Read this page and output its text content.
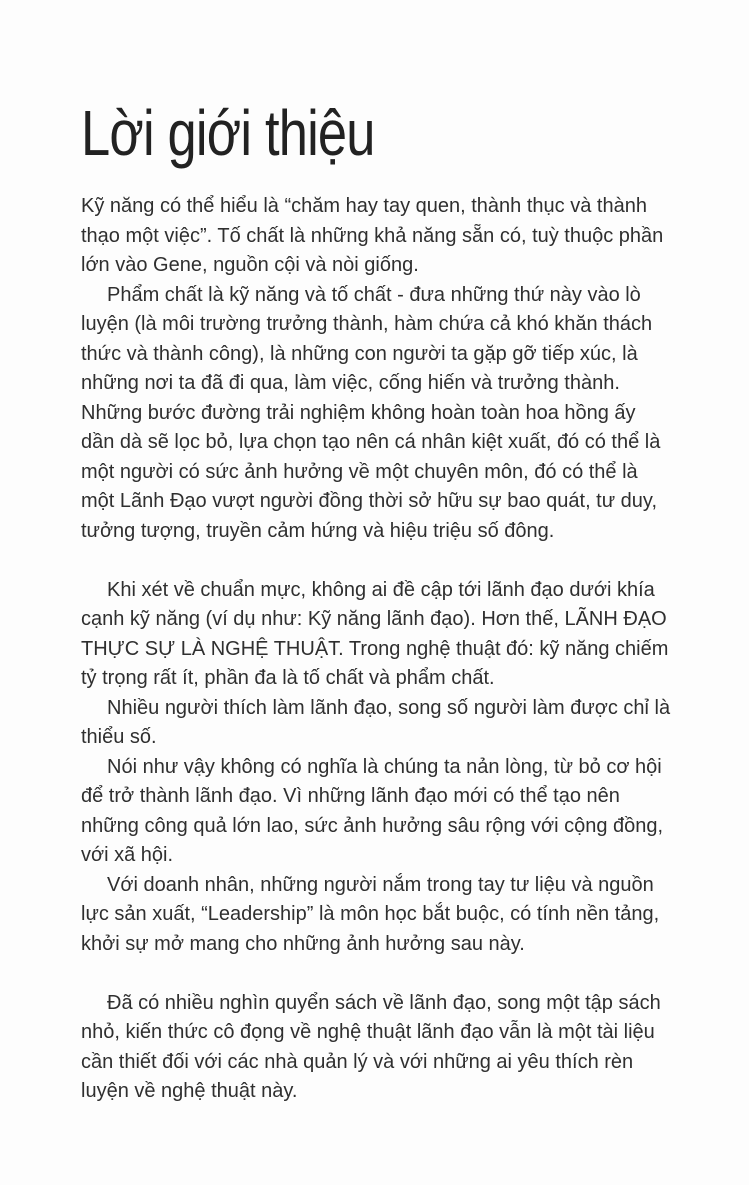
Lời giới thiệu

Kỹ năng có thể hiểu là “chăm hay tay quen, thành thục và thành thạo một việc”. Tố chất là những khả năng sẵn có, tuỳ thuộc phần lớn vào Gene, nguồn cội và nòi giống.

Phẩm chất là kỹ năng và tố chất - đưa những thứ này vào lò luyện (là môi trường trưởng thành, hàm chứa cả khó khăn thách thức và thành công), là những con người ta gặp gỡ tiếp xúc, là những nơi ta đã đi qua, làm việc, cống hiến và trưởng thành. Những bước đường trải nghiệm không hoàn toàn hoa hồng ấy dần dà sẽ lọc bỏ, lựa chọn tạo nên cá nhân kiệt xuất, đó có thể là một người có sức ảnh hưởng về một chuyên môn, đó có thể là một Lãnh Đạo vượt người đồng thời sở hữu sự bao quát, tư duy, tưởng tượng, truyền cảm hứng và hiệu triệu số đông.

Khi xét về chuẩn mực, không ai đề cập tới lãnh đạo dưới khía cạnh kỹ năng (ví dụ như: Kỹ năng lãnh đạo). Hơn thế, LÃNH ĐẠO THỰC SỰ LÀ NGHỆ THUẬT. Trong nghệ thuật đó: kỹ năng chiếm tỷ trọng rất ít, phần đa là tố chất và phẩm chất.

Nhiều người thích làm lãnh đạo, song số người làm được chỉ là thiểu số.

Nói như vậy không có nghĩa là chúng ta nản lòng, từ bỏ cơ hội để trở thành lãnh đạo. Vì những lãnh đạo mới có thể tạo nên những công quả lớn lao, sức ảnh hưởng sâu rộng với cộng đồng, với xã hội.

Với doanh nhân, những người nắm trong tay tư liệu và nguồn lực sản xuất, “Leadership” là môn học bắt buộc, có tính nền tảng, khởi sự mở mang cho những ảnh hưởng sau này.

Đã có nhiều nghìn quyển sách về lãnh đạo, song một tập sách nhỏ, kiến thức cô đọng về nghệ thuật lãnh đạo vẫn là một tài liệu cần thiết đối với các nhà quản lý và với những ai yêu thích rèn luyện về nghệ thuật này.
